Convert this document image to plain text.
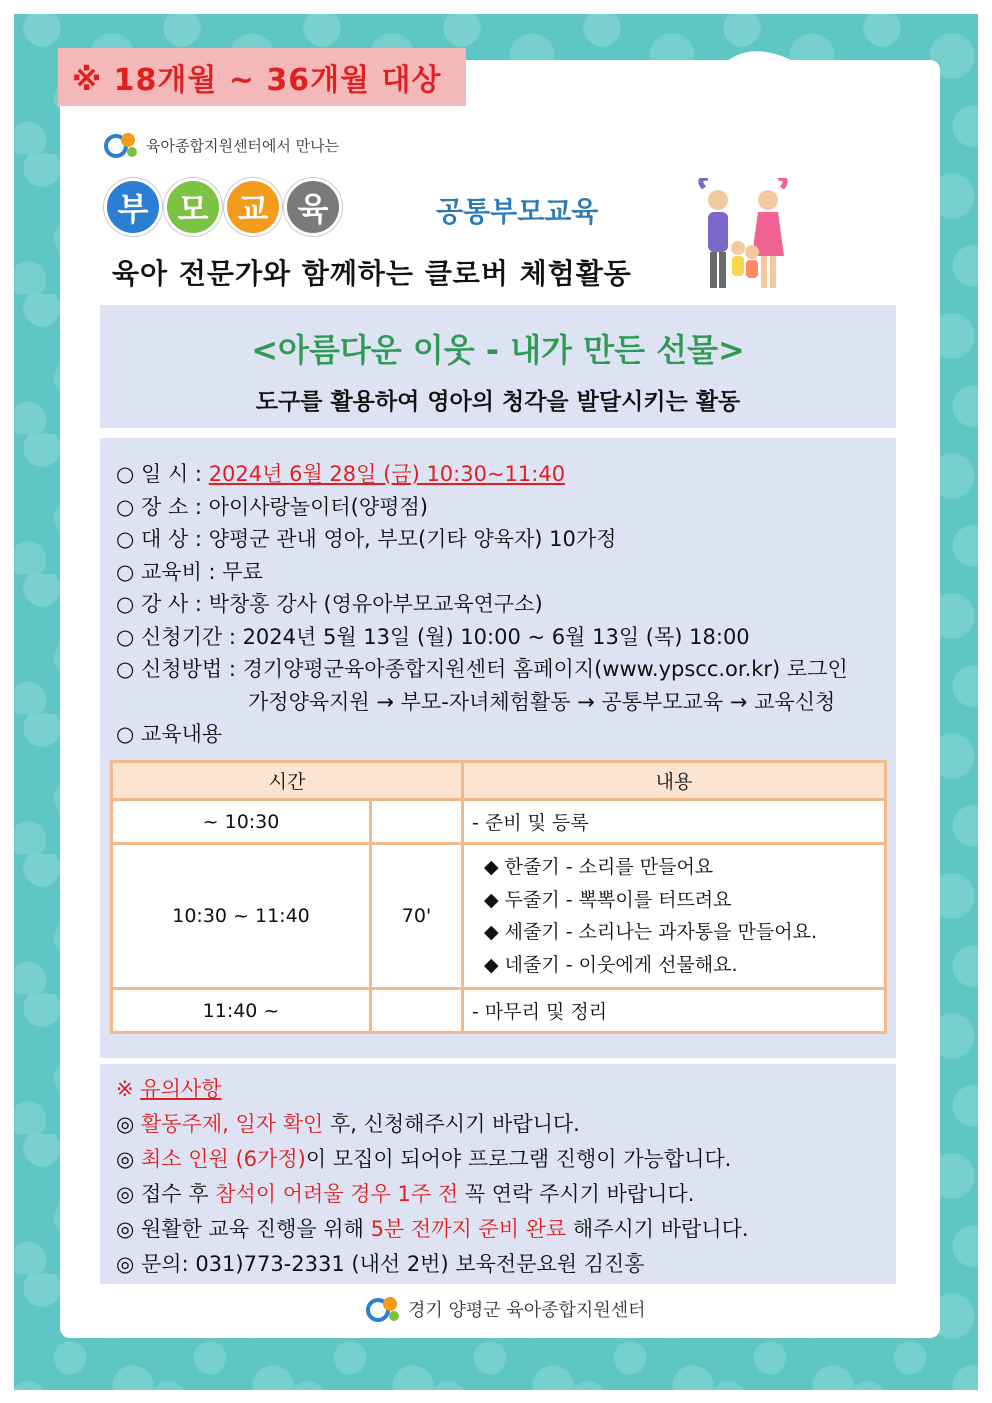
※ 18개월 ~ 36개월 대상
육아종합지원센터에서 만나는
부 모 교 육	공통부모교육
육아 전문가와 함께하는 클로버 체험활동
<아름다운 이웃 - 내가 만든 선물>
도구를 활용하여 영아의 청각을 발달시키는 활동
○ 일 시 : 2024년 6월 28일 (금) 10:30~11:40
○ 장 소 : 아이사랑놀이터(양평점)
○ 대 상 : 양평군 관내 영아, 부모(기타 양육자) 10가정
○ 교육비 : 무료
○ 강 사 : 박창홍 강사 (영유아부모교육연구소)
○ 신청기간 : 2024년 5월 13일 (월) 10:00 ~ 6월 13일 (목) 18:00
○ 신청방법 : 경기양평군육아종합지원센터 홈페이지(www.ypscc.or.kr) 로그인
가정양육지원 → 부모-자녀체험활동 → 공통부모교육 → 교육신청
○ 교육내용
시간		내용
~ 10:30		- 준비 및 등록
10:30 ~ 11:40	70'	◆ 한줄기 - 소리를 만들어요
◆ 두줄기 - 뽁뽁이를 터뜨려요
◆ 세줄기 - 소리나는 과자통을 만들어요.
◆ 네줄기 - 이웃에게 선물해요.

11:40 ~		- 마무리 및 정리
※ 유의사항
◎ 활동주제, 일자 확인 후, 신청해주시기 바랍니다.
◎ 최소 인원 (6가정)이 모집이 되어야 프로그램 진행이 가능합니다.
◎ 접수 후 참석이 어려울 경우 1주 전 꼭 연락 주시기 바랍니다.
◎ 원활한 교육 진행을 위해 5분 전까지 준비 완료 해주시기 바랍니다.
◎ 문의: 031)773-2331 (내선 2번) 보육전문요원 김진홍
경기 양평군 육아종합지원센터
